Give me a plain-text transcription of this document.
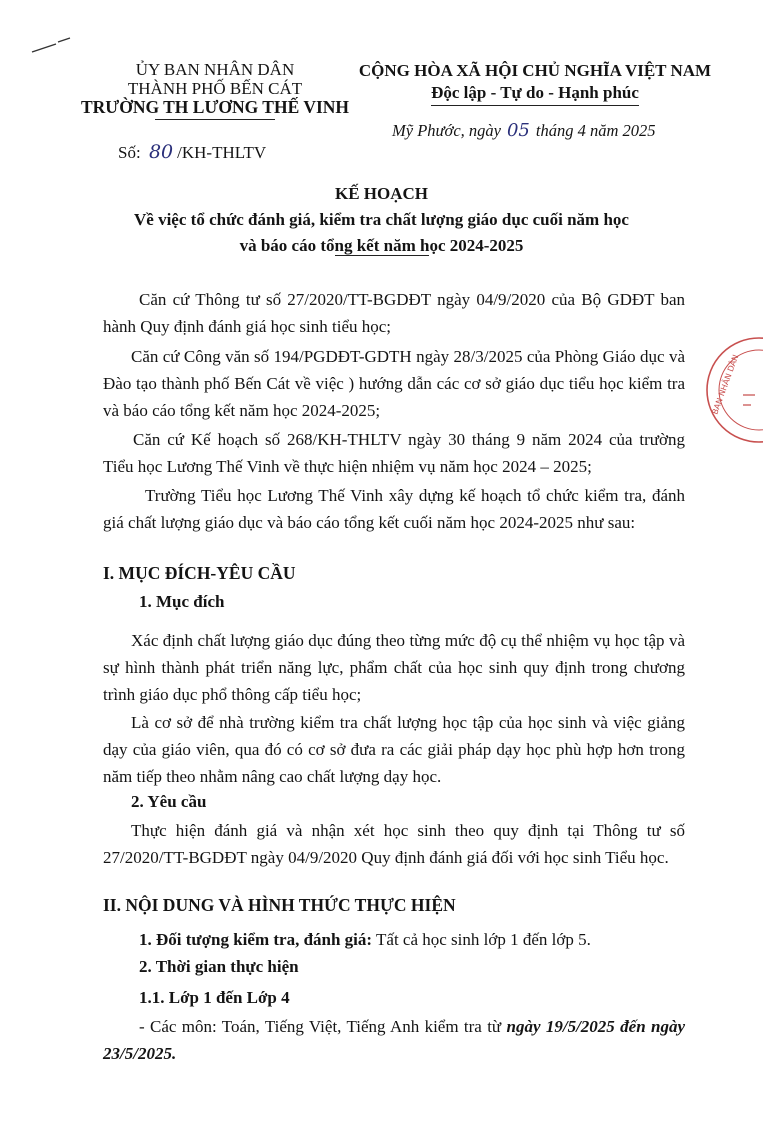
ỦY BAN NHÂN DÂN
THÀNH PHỐ BẾN CÁT
TRƯỜNG TH LƯƠNG THẾ VINH
CỘNG HÒA XÃ HỘI CHỦ NGHĨA VIỆT NAM
Độc lập - Tự do - Hạnh phúc
Mỹ Phước, ngày 05 tháng 4 năm 2025
Số: 80 /KH-THLTV
KẾ HOẠCH
Về việc tổ chức đánh giá, kiểm tra chất lượng giáo dục cuối năm học
và báo cáo tổng kết năm học 2024-2025
Căn cứ Thông tư số 27/2020/TT-BGDĐT ngày 04/9/2020 của Bộ GDĐT ban hành Quy định đánh giá học sinh tiểu học;
Căn cứ Công văn số 194/PGDĐT-GDTH ngày 28/3/2025 của Phòng Giáo dục và Đào tạo thành phố Bến Cát về việc ) hướng dẫn các cơ sở giáo dục tiểu học kiểm tra và báo cáo tổng kết năm học 2024-2025;
Căn cứ Kế hoạch số 268/KH-THLTV ngày 30 tháng 9 năm 2024 của trường Tiểu học Lương Thế Vinh về thực hiện nhiệm vụ năm học 2024 – 2025;
Trường Tiểu học Lương Thế Vinh xây dựng kế hoạch tổ chức kiểm tra, đánh giá chất lượng giáo dục và báo cáo tổng kết cuối năm học 2024-2025 như sau:
I. MỤC ĐÍCH-YÊU CẦU
1. Mục đích
Xác định chất lượng giáo dục đúng theo từng mức độ cụ thể nhiệm vụ học tập và sự hình thành phát triển năng lực, phẩm chất của học sinh quy định trong chương trình giáo dục phổ thông cấp tiểu học;
Là cơ sở để nhà trường kiểm tra chất lượng học tập của học sinh và việc giảng dạy của giáo viên, qua đó có cơ sở đưa ra các giải pháp dạy học phù hợp hơn trong năm tiếp theo nhằm nâng cao chất lượng dạy học.
2. Yêu cầu
Thực hiện đánh giá và nhận xét học sinh theo quy định tại Thông tư số 27/2020/TT-BGDĐT ngày 04/9/2020 Quy định đánh giá đối với học sinh Tiểu học.
II. NỘI DUNG VÀ HÌNH THỨC THỰC HIỆN
1. Đối tượng kiểm tra, đánh giá: Tất cả học sinh lớp 1 đến lớp 5.
2. Thời gian thực hiện
1.1. Lớp 1 đến Lớp 4
- Các môn: Toán, Tiếng Việt, Tiếng Anh kiểm tra từ ngày 19/5/2025 đến ngày 23/5/2025.
BAN NHÂN DÂN
